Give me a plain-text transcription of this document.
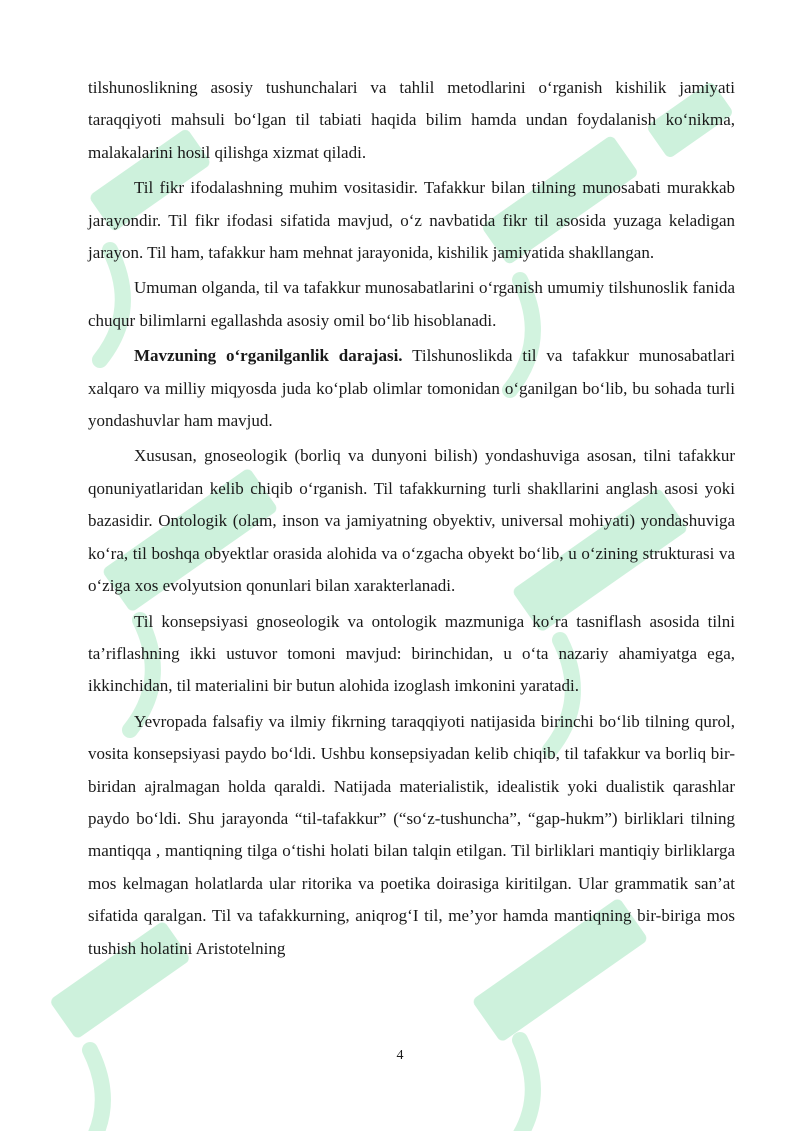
tilshunoslikning asosiy tushunchalari va tahlil metodlarini o‘rganish kishilik jamiyati taraqqiyoti mahsuli bo‘lgan til tabiati haqida bilim hamda undan foydalanish ko‘nikma, malakalarini hosil qilishga xizmat qiladi.

Til fikr ifodalashning muhim vositasidir. Tafakkur bilan tilning munosabati murakkab jarayondir. Til fikr ifodasi sifatida mavjud, o‘z navbatida fikr til asosida yuzaga keladigan jarayon. Til ham, tafakkur ham mehnat jarayonida, kishilik jamiyatida shakllangan.

Umuman olganda, til va tafakkur munosabatlarini o‘rganish umumiy tilshunoslik fanida chuqur bilimlarni egallashda asosiy omil bo‘lib hisoblanadi.

Mavzuning o‘rganilganlik darajasi. Tilshunoslikda til va tafakkur munosabatlari xalqaro va milliy miqyosda juda ko‘plab olimlar tomonidan o‘ganilgan bo‘lib, bu sohada turli yondashuvlar ham mavjud.

Xususan, gnoseologik (borliq va dunyoni bilish) yondashuviga asosan, tilni tafakkur qonuniyatlaridan kelib chiqib o‘rganish. Til tafakkurning turli shakllarini anglash asosi yoki bazasidir. Ontologik (olam, inson va jamiyatning obyektiv, universal mohiyati) yondashuviga ko‘ra, til boshqa obyektlar orasida alohida va o‘zgacha obyekt bo‘lib, u o‘zining strukturasi va o‘ziga xos evolyutsion qonunlari bilan xarakterlanadi.

Til konsepsiyasi gnoseologik va ontologik mazmuniga ko‘ra tasniflash asosida tilni ta’riflashning ikki ustuvor tomoni mavjud: birinchidan, u o‘ta nazariy ahamiyatga ega, ikkinchidan, til materialini bir butun alohida izoglash imkonini yaratadi.

Yevropada falsafiy va ilmiy fikrning taraqqiyoti natijasida birinchi bo‘lib tilning qurol, vosita konsepsiyasi paydo bo‘ldi. Ushbu konsepsiyadan kelib chiqib, til tafakkur va borliq bir-biridan ajralmagan holda qaraldi. Natijada materialistik, idealistik yoki dualistik qarashlar paydo bo‘ldi. Shu jarayonda “til-tafakkur” (“so‘z-tushuncha”, “gap-hukm”) birliklari tilning mantiqqa , mantiqning tilga o‘tishi holati bilan talqin etilgan. Til birliklari mantiqiy birliklarga mos kelmagan holatlarda ular ritorika va poetika doirasiga kiritilgan. Ular grammatik san’at sifatida qaralgan. Til va tafakkurning, aniqrog‘I til, me’yor hamda mantiqning bir-biriga mos tushish holatini Aristotelning

4
